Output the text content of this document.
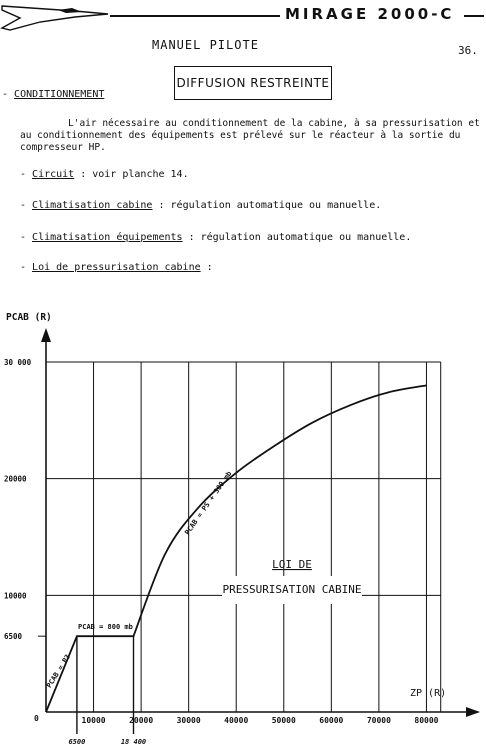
MIRAGE 2000-C
MANUEL PILOTE	36.
DIFFUSION RESTREINTE
- CONDITIONNEMENT
L'air nécessaire au conditionnement de la cabine, à sa pressurisation et au conditionnement des équipements est prélevé sur le réacteur à la sortie du compresseur HP.
- Circuit : voir planche 14.
- Climatisation cabine : régulation automatique ou manuelle.
- Climatisation équipements : régulation automatique ou manuelle.
- Loi de pressurisation cabine :
10000	20000	30000	40000	50000	60000	70000	80000
6500
10000
20000
30 000
6500	18 400
PCAB = P3
PCAB = 800 mb
PCAB = PS + 300 mb
PCAB (R)
ZP (R)
0
LOI DE
PRESSURISATION CABINE
